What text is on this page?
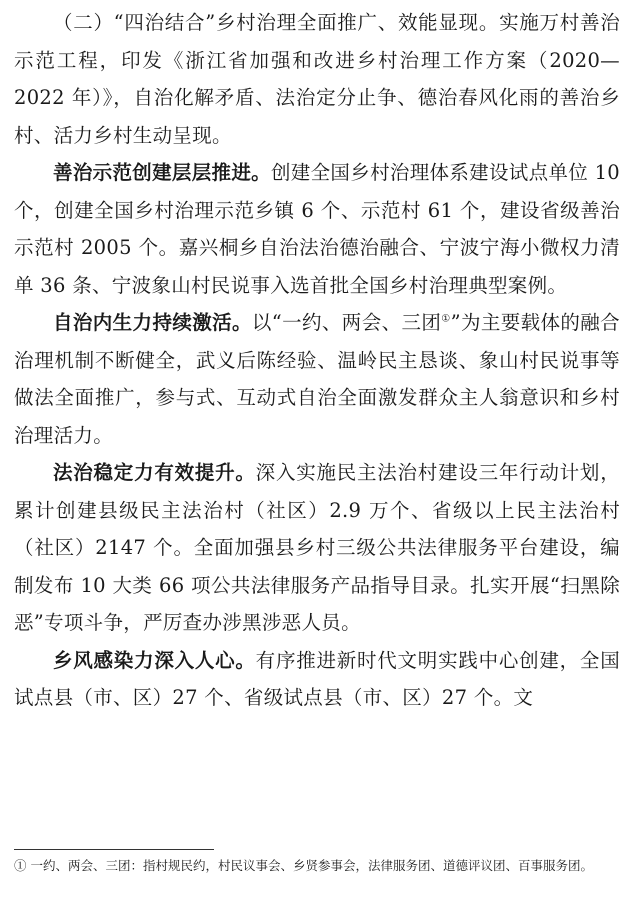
（二）“四治结合”乡村治理全面推广、效能显现。实施万村善治示范工程，印发《浙江省加强和改进乡村治理工作方案（2020—2022 年）》，自治化解矛盾、法治定分止争、德治春风化雨的善治乡村、活力乡村生动呈现。

善治示范创建层层推进。创建全国乡村治理体系建设试点单位 10 个，创建全国乡村治理示范乡镇 6 个、示范村 61 个，建设省级善治示范村 2005 个。嘉兴桐乡自治法治德治融合、宁波宁海小微权力清单 36 条、宁波象山村民说事入选首批全国乡村治理典型案例。

自治内生力持续激活。以“一约、两会、三团①”为主要载体的融合治理机制不断健全，武义后陈经验、温岭民主恳谈、象山村民说事等做法全面推广，参与式、互动式自治全面激发群众主人翁意识和乡村治理活力。

法治稳定力有效提升。深入实施民主法治村建设三年行动计划，累计创建县级民主法治村（社区）2.9 万个、省级以上民主法治村（社区）2147 个。全面加强县乡村三级公共法律服务平台建设，编制发布 10 大类 66 项公共法律服务产品指导目录。扎实开展“扫黑除恶”专项斗争，严厉查办涉黑涉恶人员。

乡风感染力深入人心。有序推进新时代文明实践中心创建，全国试点县（市、区）27 个、省级试点县（市、区）27 个。文

① 一约、两会、三团：指村规民约，村民议事会、乡贤参事会，法律服务团、道德评议团、百事服务团。
